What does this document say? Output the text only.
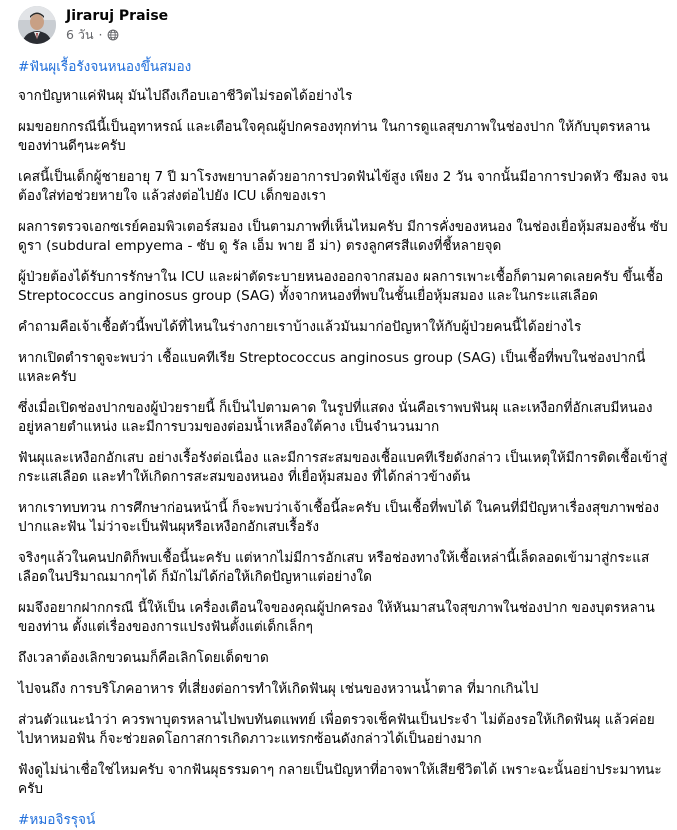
Jiraruj Praise
6 วัน ·

#ฟันผุเรื้อรังจนหนองขึ้นสมอง

จากปัญหาแค่ฟันผุ มันไปถึงเกือบเอาชีวิตไม่รอดได้อย่างไร

ผมขอยกกรณีนี้เป็นอุทาหรณ์ และเตือนใจคุณผู้ปกครองทุกท่าน ในการดูแลสุขภาพในช่องปาก ให้กับบุตรหลานของท่านดีๆนะครับ

เคสนี้เป็นเด็กผู้ชายอายุ 7 ปี มาโรงพยาบาลด้วยอาการปวดฟันไข้สูง เพียง 2 วัน จากนั้นมีอาการปวดหัว ซึมลง จนต้องใส่ท่อช่วยหายใจ แล้วส่งต่อไปยัง ICU เด็กของเรา

ผลการตรวจเอกซเรย์คอมพิวเตอร์สมอง เป็นตามภาพที่เห็นไหมครับ มีการคั่งของหนอง ในช่องเยื่อหุ้มสมองชั้น ซับดูรา (subdural empyema - ซับ ดู รัล เอ็ม พาย อี ม่า) ตรงลูกศรสีแดงที่ชี้หลายจุด

ผู้ป่วยต้องได้รับการรักษาใน ICU และผ่าตัดระบายหนองออกจากสมอง ผลการเพาะเชื้อก็ตามคาดเลยครับ ขึ้นเชื้อ Streptococcus anginosus group (SAG) ทั้งจากหนองที่พบในชั้นเยื่อหุ้มสมอง และในกระแสเลือด

คำถามคือเจ้าเชื้อตัวนี้พบได้ที่ไหนในร่างกายเราบ้างแล้วมันมาก่อปัญหาให้กับผู้ป่วยคนนี้ได้อย่างไร

หากเปิดตำราดูจะพบว่า เชื้อแบคทีเรีย Streptococcus anginosus group (SAG) เป็นเชื้อที่พบในช่องปากนี่แหละครับ

ซึ่งเมื่อเปิดช่องปากของผู้ป่วยรายนี้ ก็เป็นไปตามคาด ในรูปที่แสดง นั่นคือเราพบฟันผุ และเหงือกที่อักเสบมีหนอง อยู่หลายตำแหน่ง และมีการบวมของต่อมน้ำเหลืองใต้คาง เป็นจำนวนมาก

ฟันผุและเหงือกอักเสบ อย่างเรื้อรังต่อเนื่อง และมีการสะสมของเชื้อแบคทีเรียดังกล่าว เป็นเหตุให้มีการติดเชื้อเข้าสู่กระแสเลือด และทำให้เกิดการสะสมของหนอง ที่เยื่อหุ้มสมอง ที่ได้กล่าวข้างต้น

หากเราทบทวน การศึกษาก่อนหน้านี้ ก็จะพบว่าเจ้าเชื้อนี้ละครับ เป็นเชื้อที่พบได้ ในคนที่มีปัญหาเรื่องสุขภาพช่องปากและฟัน ไม่ว่าจะเป็นฟันผุหรือเหงือกอักเสบเรื้อรัง

จริงๆแล้วในคนปกติก็พบเชื้อนี้นะครับ แต่หากไม่มีการอักเสบ หรือช่องทางให้เชื้อเหล่านี้เล็ดลอดเข้ามาสู่กระแสเลือดในปริมาณมากๆได้ ก็มักไม่ได้ก่อให้เกิดปัญหาแต่อย่างใด

ผมจึงอยากฝากกรณี นี้ให้เป็น เครื่องเตือนใจของคุณผู้ปกครอง ให้หันมาสนใจสุขภาพในช่องปาก ของบุตรหลานของท่าน ตั้งแต่เรื่องของการแปรงฟันตั้งแต่เด็กเล็กๆ

ถึงเวลาต้องเลิกขวดนมก็คือเลิกโดยเด็ดขาด

ไปจนถึง การบริโภคอาหาร ที่เสี่ยงต่อการทำให้เกิดฟันผุ เช่นของหวานน้ำตาล ที่มากเกินไป

ส่วนตัวแนะนำว่า ควรพาบุตรหลานไปพบทันตแพทย์ เพื่อตรวจเช็คฟันเป็นประจำ ไม่ต้องรอให้เกิดฟันผุ แล้วค่อยไปหาหมอฟัน ก็จะช่วยลดโอกาสการเกิดภาวะแทรกซ้อนดังกล่าวได้เป็นอย่างมาก

ฟังดูไม่น่าเชื่อใช่ไหมครับ จากฟันผุธรรมดาๆ กลายเป็นปัญหาที่อาจพาให้เสียชีวิตได้ เพราะฉะนั้นอย่าประมาทนะครับ

#หมอจิรรุจน์
